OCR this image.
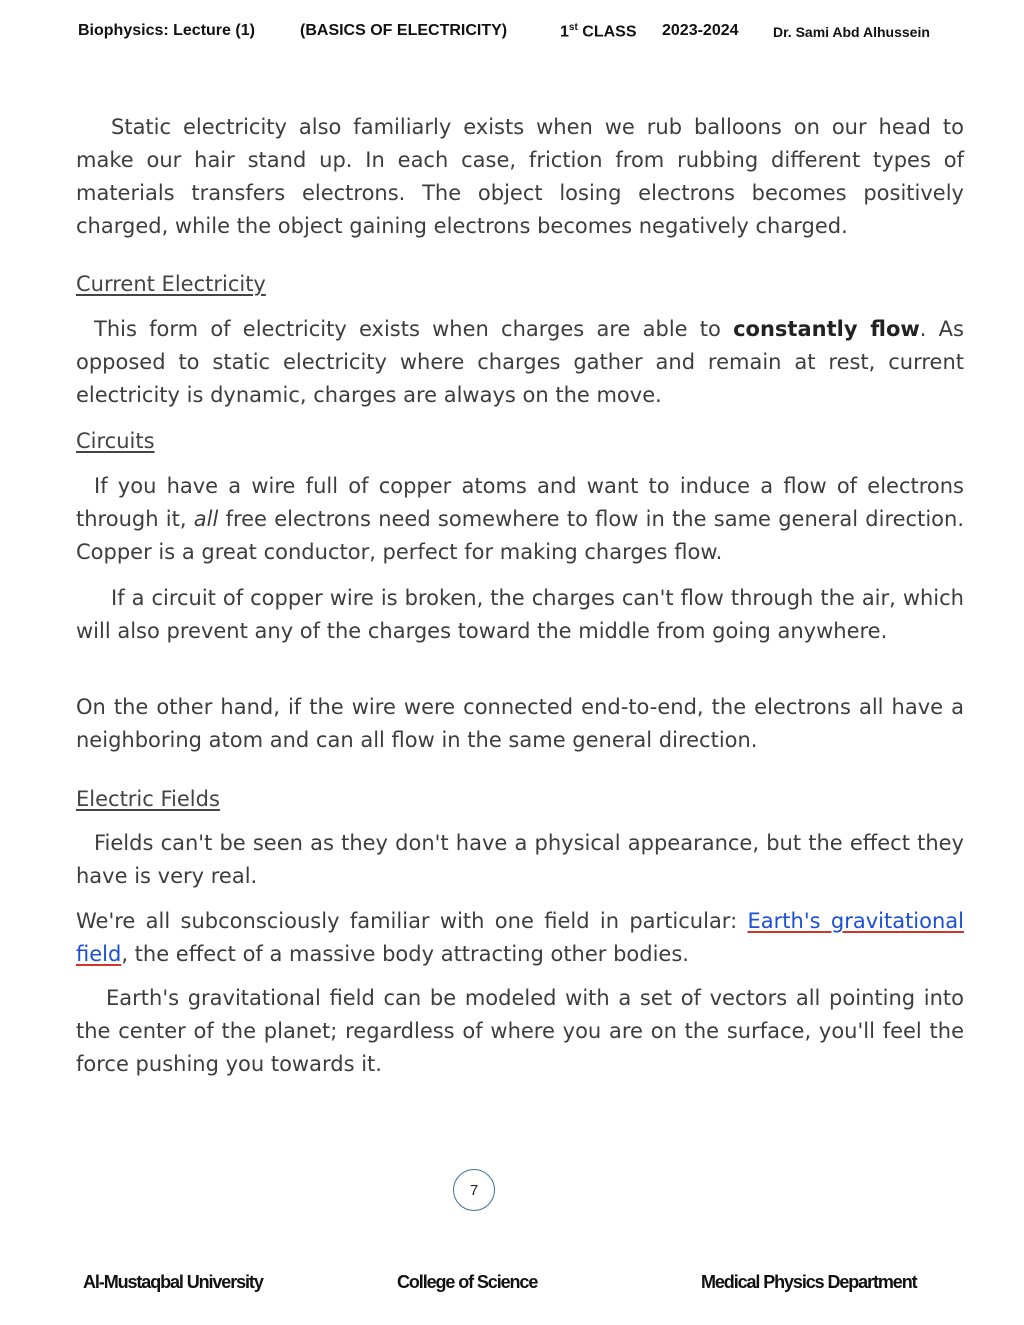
Biophysics: Lecture (1)	(BASICS OF ELECTRICITY)	1st CLASS 2023-2024 Dr. Sami Abd Alhussein

Static electricity also familiarly exists when we rub balloons on our head to make our hair stand up. In each case, friction from rubbing different types of materials transfers electrons. The object losing electrons becomes positively charged, while the object gaining electrons becomes negatively charged.

Current Electricity

This form of electricity exists when charges are able to constantly flow. As opposed to static electricity where charges gather and remain at rest, current electricity is dynamic, charges are always on the move.

Circuits

If you have a wire full of copper atoms and want to induce a flow of electrons through it, all free electrons need somewhere to flow in the same general direction. Copper is a great conductor, perfect for making charges flow.

If a circuit of copper wire is broken, the charges can't flow through the air, which will also prevent any of the charges toward the middle from going anywhere.

On the other hand, if the wire were connected end-to-end, the electrons all have a neighboring atom and can all flow in the same general direction.

Electric Fields

Fields can't be seen as they don't have a physical appearance, but the effect they have is very real.

We're all subconsciously familiar with one field in particular: Earth's gravitational field, the effect of a massive body attracting other bodies.

Earth's gravitational field can be modeled with a set of vectors all pointing into the center of the planet; regardless of where you are on the surface, you'll feel the force pushing you towards it.

7
Al-Mustaqbal University	College of Science	Medical Physics Department
